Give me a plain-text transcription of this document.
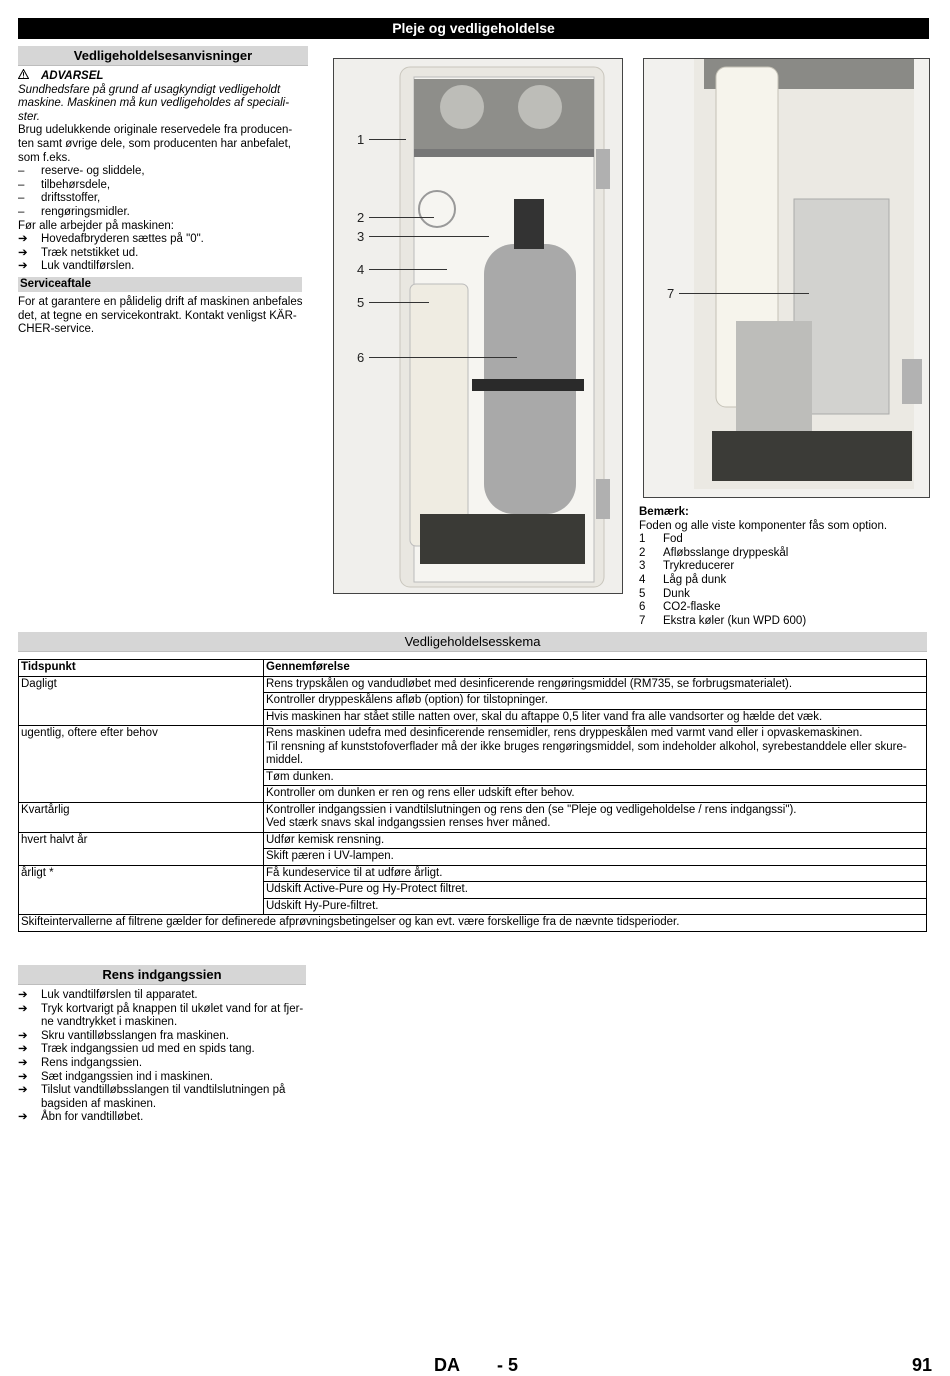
Pleje og vedligeholdelse
Vedligeholdelsesanvisninger
ADVARSEL
Sundhedsfare på grund af usagkyndigt vedligeholdt
maskine. Maskinen må kun vedligeholdes af speciali-
ster.
Brug udelukkende originale reservedele fra producen-
ten samt øvrige dele, som producenten har anbefalet,
som f.eks.
– reserve- og sliddele,
– tilbehørsdele,
– driftsstoffer,
– rengøringsmidler.
Før alle arbejder på maskinen:
➔ Hovedafbryderen sættes på "0".
➔ Træk netstikket ud.
➔ Luk vandtilførslen.
Serviceaftale
For at garantere en pålidelig drift af maskinen anbefales
det, at tegne en servicekontrakt. Kontakt venligst KÄR-
CHER-service.
1
2
3
4
5
6
7
Bemærk:
Foden og alle viste komponenter fås som option.
1 Fod
2 Afløbsslange dryppeskål
3 Trykreducerer
4 Låg på dunk
5 Dunk
6 CO2-flaske
7 Ekstra køler (kun WPD 600)
Vedligeholdelsesskema
Tidspunkt	Gennemførelse
Dagligt	Rens trypskålen og vandudløbet med desinficerende rengøringsmiddel (RM735, se forbrugsmaterialet).
	Kontroller dryppeskålens afløb (option) for tilstopninger.
	Hvis maskinen har stået stille natten over, skal du aftappe 0,5 liter vand fra alle vandsorter og hælde det væk.
ugentlig, oftere efter behov	Rens maskinen udefra med desinficerende rensemidler, rens dryppeskålen med varmt vand eller i opvaskemaskinen.
Til rensning af kunststofoverflader må der ikke bruges rengøringsmiddel, som indeholder alkohol, syrebestanddele eller skure-
middel.

	Tøm dunken.
	Kontroller om dunken er ren og rens eller udskift efter behov.
Kvartårlig	Kontroller indgangssien i vandtilslutningen og rens den (se "Pleje og vedligeholdelse / rens indgangssi").
Ved stærk snavs skal indgangssien renses hver måned.

hvert halvt år	Udfør kemisk rensning.
	Skift pæren i UV-lampen.
årligt *	Få kundeservice til at udføre årligt.
	Udskift Active-Pure og Hy-Protect filtret.
	Udskift Hy-Pure-filtret.
Skifteintervallerne af filtrene gælder for definerede afprøvningsbetingelser og kan evt. være forskellige fra de nævnte tidsperioder.	
Rens indgangssien
➔ Luk vandtilførslen til apparatet.
➔ Tryk kortvarigt på knappen til ukølet vand for at fjer-
ne vandtrykket i maskinen.
➔ Skru vantilløbsslangen fra maskinen.
➔ Træk indgangssien ud med en spids tang.
➔ Rens indgangssien.
➔ Sæt indgangssien ind i maskinen.
➔ Tilslut vandtilløbsslangen til vandtilslutningen på
bagsiden af maskinen.
➔ Åbn for vandtilløbet.
DA - 5	91
